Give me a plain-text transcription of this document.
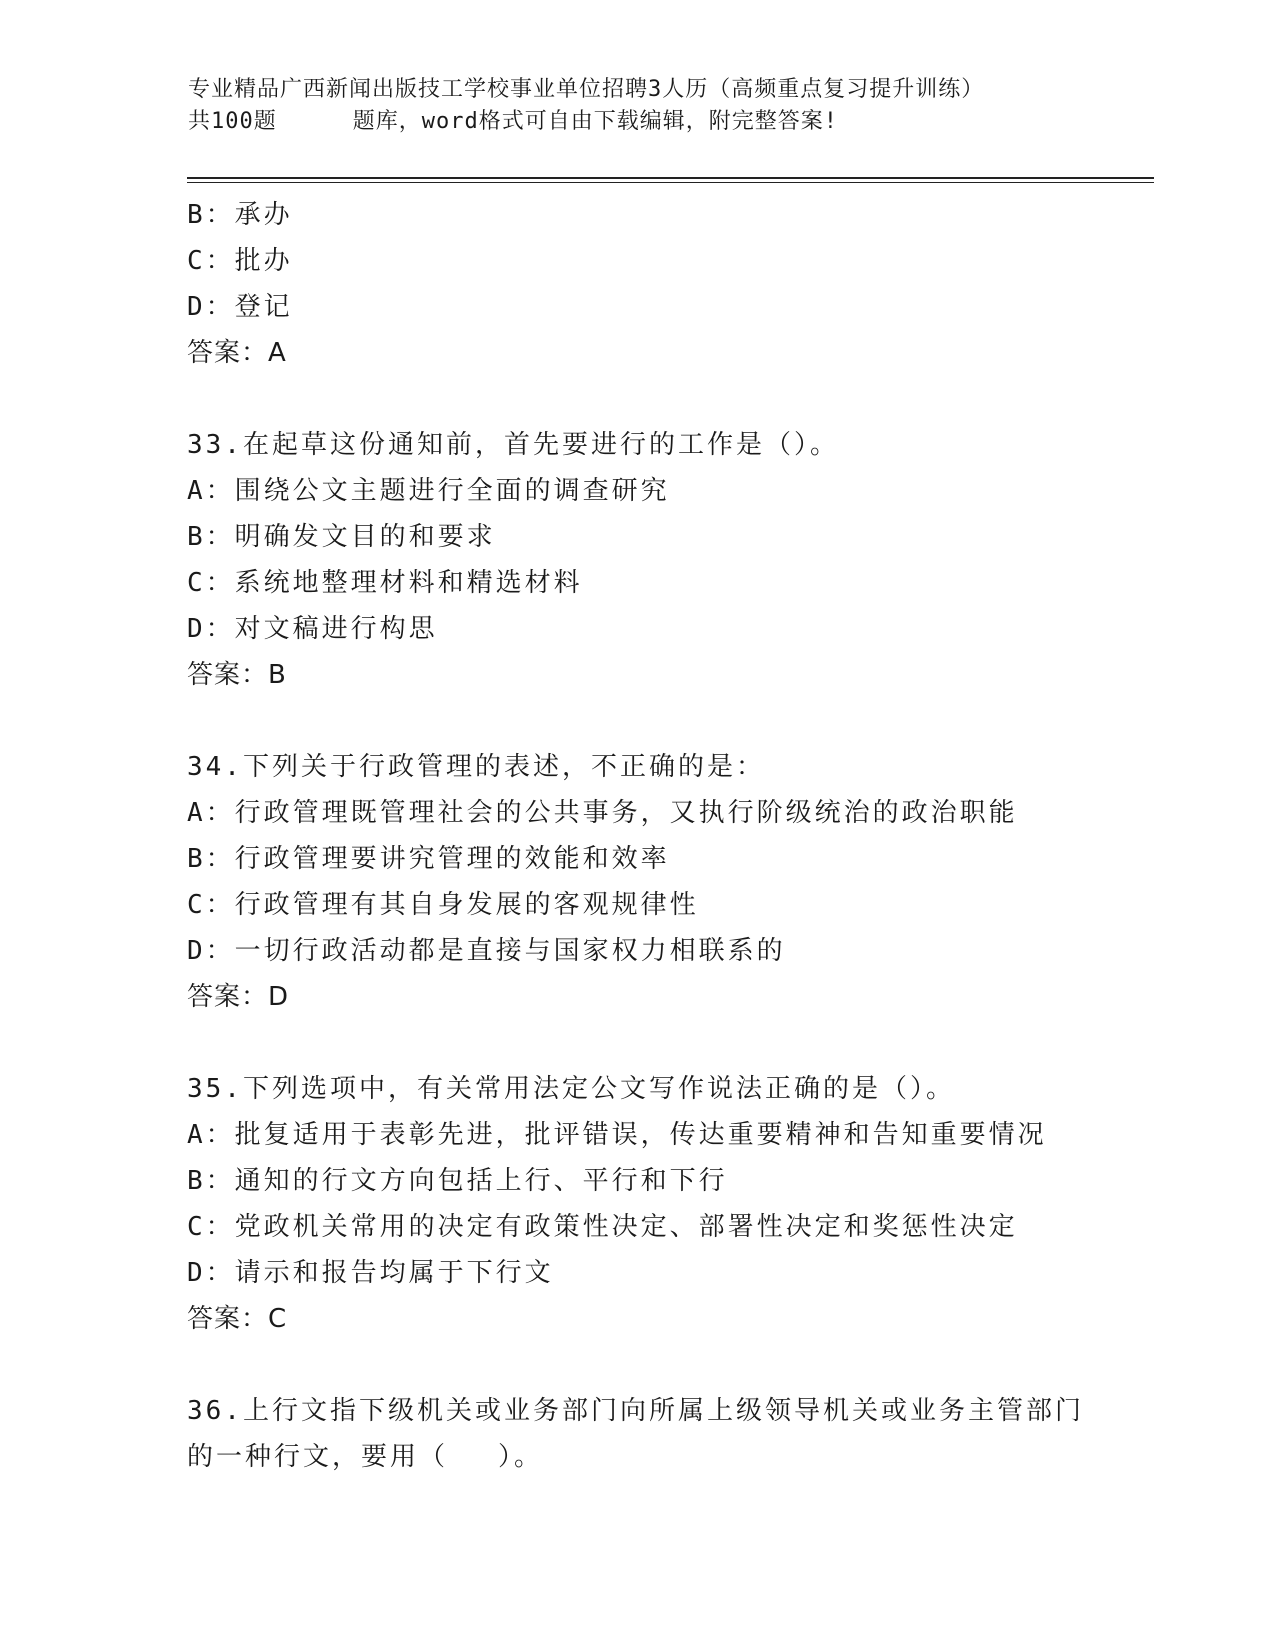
专业精品广西新闻出版技工学校事业单位招聘3人历（高频重点复习提升训练）
共100题	题库，word格式可自由下载编辑，附完整答案!
B：承办
C：批办
D：登记
答案：A
33.在起草这份通知前，首先要进行的工作是（）。
A：围绕公文主题进行全面的调查研究
B：明确发文目的和要求
C：系统地整理材料和精选材料
D：对文稿进行构思
答案：B
34.下列关于行政管理的表述，不正确的是：
A：行政管理既管理社会的公共事务，又执行阶级统治的政治职能
B：行政管理要讲究管理的效能和效率
C：行政管理有其自身发展的客观规律性
D：一切行政活动都是直接与国家权力相联系的
答案：D
35.下列选项中，有关常用法定公文写作说法正确的是（）。
A：批复适用于表彰先进，批评错误，传达重要精神和告知重要情况
B：通知的行文方向包括上行、平行和下行
C：党政机关常用的决定有政策性决定、部署性决定和奖惩性决定
D：请示和报告均属于下行文
答案：C
36.上行文指下级机关或业务部门向所属上级领导机关或业务主管部门
的一种行文，要用（ ）。
